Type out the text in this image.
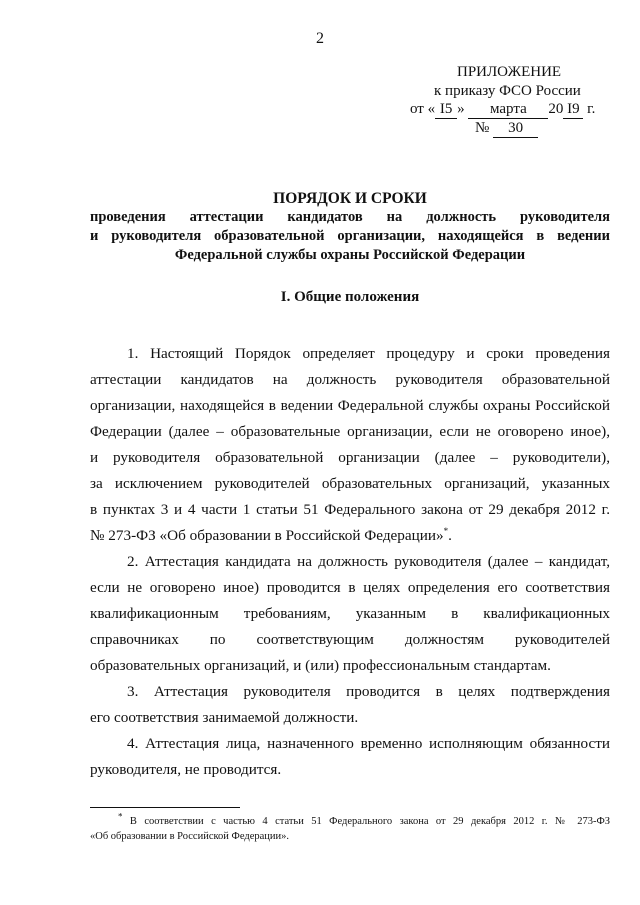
2
ПРИЛОЖЕНИЕ
к приказу ФСО России
от « I5 » марта 20 I9 г.
№ 30
ПОРЯДОК И СРОКИ
проведения аттестации кандидатов на должность руководителя
и руководителя образовательной организации, находящейся в ведении
Федеральной службы охраны Российской Федерации
I. Общие положения
1. Настоящий Порядок определяет процедуру и сроки проведения
аттестации кандидатов на должность руководителя образовательной
организации, находящейся в ведении Федеральной службы охраны Российской
Федерации (далее – образовательные организации, если не оговорено иное),
и руководителя образовательной организации (далее – руководители),
за исключением руководителей образовательных организаций, указанных
в пунктах 3 и 4 части 1 статьи 51 Федерального закона от 29 декабря 2012 г.
№ 273-ФЗ «Об образовании в Российской Федерации»*.
2. Аттестация кандидата на должность руководителя (далее – кандидат,
если не оговорено иное) проводится в целях определения его соответствия
квалификационным требованиям, указанным в квалификационных
справочниках по соответствующим должностям руководителей
образовательных организаций, и (или) профессиональным стандартам.
3. Аттестация руководителя проводится в целях подтверждения
его соответствия занимаемой должности.
4. Аттестация лица, назначенного временно исполняющим обязанности
руководителя, не проводится.
* В соответствии с частью 4 статьи 51 Федерального закона от 29 декабря 2012 г. № 273-ФЗ
«Об образовании в Российской Федерации».
